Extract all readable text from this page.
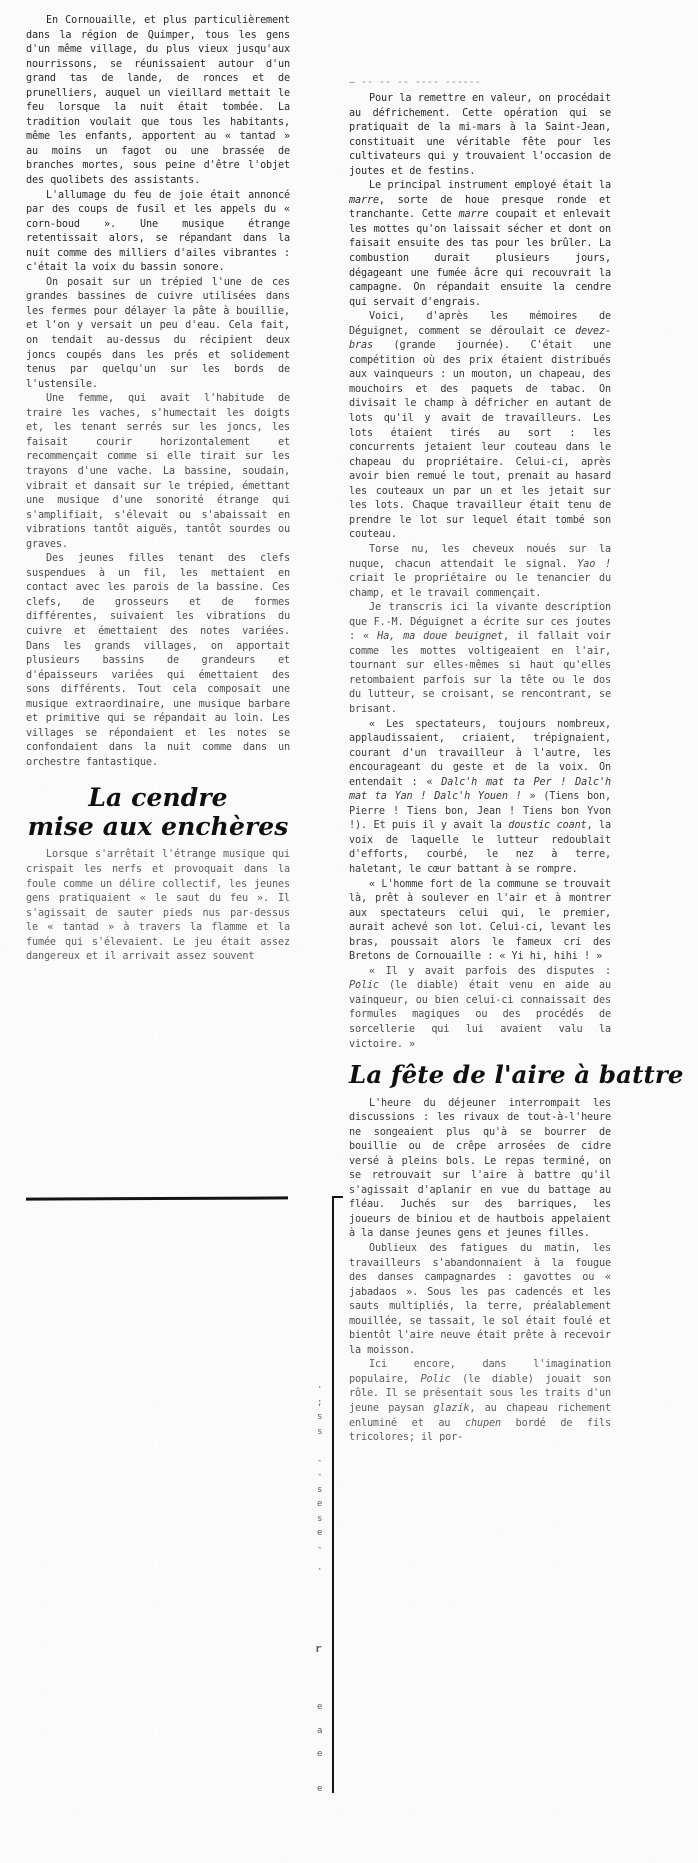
En Cornouaille, et plus particulièrement dans la région de Quimper, tous les gens d'un même village, du plus vieux jusqu'aux nourrissons, se réunissaient autour d'un grand tas de lande, de ronces et de prunelliers, auquel un vieillard mettait le feu lorsque la nuit était tombée. La tradition voulait que tous les habitants, même les enfants, apportent au « tantad » au moins un fagot ou une brassée de branches mortes, sous peine d'être l'objet des quolibets des assistants.

L'allumage du feu de joie était annoncé par des coups de fusil et les appels du « corn-boud ». Une musique étrange retentissait alors, se répandant dans la nuit comme des milliers d'ailes vibrantes : c'était la voix du bassin sonore.

On posait sur un trépied l'une de ces grandes bassines de cuivre utilisées dans les fermes pour délayer la pâte à bouillie, et l'on y versait un peu d'eau. Cela fait, on tendait au-dessus du récipient deux joncs coupés dans les prés et solidement tenus par quelqu'un sur les bords de l'ustensile.

Une femme, qui avait l'habitude de traire les vaches, s'humectait les doigts et, les tenant serrés sur les joncs, les faisait courir horizontalement et recommençait comme si elle tirait sur les trayons d'une vache. La bassine, soudain, vibrait et dansait sur le trépied, émettant une musique d'une sonorité étrange qui s'amplifiait, s'élevait ou s'abaissait en vibrations tantôt aiguës, tantôt sourdes ou graves.

Des jeunes filles tenant des clefs suspendues à un fil, les mettaient en contact avec les parois de la bassine. Ces clefs, de grosseurs et de formes différentes, suivaient les vibrations du cuivre et émettaient des notes variées. Dans les grands villages, on apportait plusieurs bassins de grandeurs et d'épaisseurs variées qui émettaient des sons différents. Tout cela composait une musique extraordinaire, une musique barbare et primitive qui se répandait au loin. Les villages se répondaient et les notes se confondaient dans la nuit comme dans un orchestre fantastique.

La cendre
mise aux enchères

Lorsque s'arrêtait l'étrange musique qui crispait les nerfs et provoquait dans la foule comme un délire collectif, les jeunes gens pratiquaient « le saut du feu ». Il s'agissait de sauter pieds nus par-dessus le « tantad » à travers la flamme et la fumée qui s'élevaient. Le jeu était assez dangereux et il arrivait assez souvent

— -- -- -- ---- ------

Pour la remettre en valeur, on procédait au défrichement. Cette opération qui se pratiquait de la mi-mars à la Saint-Jean, constituait une véritable fête pour les cultivateurs qui y trouvaient l'occasion de joutes et de festins.

Le principal instrument employé était la marre, sorte de houe presque ronde et tranchante. Cette marre coupait et enlevait les mottes qu'on laissait sécher et dont on faisait ensuite des tas pour les brûler. La combustion durait plusieurs jours, dégageant une fumée âcre qui recouvrait la campagne. On répandait ensuite la cendre qui servait d'engrais.

Voici, d'après les mémoires de Déguignet, comment se déroulait ce devez-bras (grande journée). C'était une compétition où des prix étaient distribués aux vainqueurs : un mouton, un chapeau, des mouchoirs et des paquets de tabac. On divisait le champ à défricher en autant de lots qu'il y avait de travailleurs. Les lots étaient tirés au sort : les concurrents jetaient leur couteau dans le chapeau du propriétaire. Celui-ci, après avoir bien remué le tout, prenait au hasard les couteaux un par un et les jetait sur les lots. Chaque travailleur était tenu de prendre le lot sur lequel était tombé son couteau.

Torse nu, les cheveux noués sur la nuque, chacun attendait le signal. Yao ! criait le propriétaire ou le tenancier du champ, et le travail commençait.

Je transcris ici la vivante description que F.-M. Déguignet a écrite sur ces joutes : « Ha, ma doue beuignet, il fallait voir comme les mottes voltigeaient en l'air, tournant sur elles-mêmes si haut qu'elles retombaient parfois sur la tête ou le dos du lutteur, se croisant, se rencontrant, se brisant.

« Les spectateurs, toujours nombreux, applaudissaient, criaient, trépignaient, courant d'un travailleur à l'autre, les encourageant du geste et de la voix. On entendait : « Dalc'h mat ta Per ! Dalc'h mat ta Yan ! Dalc'h Youen ! » (Tiens bon, Pierre ! Tiens bon, Jean ! Tiens bon Yvon !). Et puis il y avait la doustic coant, la voix de laquelle le lutteur redoublait d'efforts, courbé, le nez à terre, haletant, le cœur battant à se rompre.

« L'homme fort de la commune se trouvait là, prêt à soulever en l'air et à montrer aux spectateurs celui qui, le premier, aurait achevé son lot. Celui-ci, levant les bras, poussait alors le fameux cri des Bretons de Cornouaille : « Yi hi, hihi ! »

« Il y avait parfois des disputes : Polic (le diable) était venu en aide au vainqueur, ou bien celui-ci connaissait des formules magiques ou des procédés de sorcellerie qui lui avaient valu la victoire. »

La fête de l'aire à battre

L'heure du déjeuner interrompait les discussions : les rivaux de tout-à-l'heure ne songeaient plus qu'à se bourrer de bouillie ou de crêpe arrosées de cidre versé à pleins bols. Le repas terminé, on se retrouvait sur l'aire à battre qu'il s'agissait d'aplanir en vue du battage au fléau. Juchés sur des barriques, les joueurs de biniou et de hautbois appelaient à la danse jeunes gens et jeunes filles.

Oublieux des fatigues du matin, les travailleurs s'abandonnaient à la fougue des danses campagnardes : gavottes ou « jabadaos ». Sous les pas cadencés et les sauts multipliés, la terre, préalablement mouillée, se tassait, le sol était foulé et bientôt l'aire neuve était prête à recevoir la moisson.

Ici encore, dans l'imagination populaire, Polic (le diable) jouait son rôle. Il se présentait sous les traits d'un jeune paysan glazik, au chapeau richement enluminé et au chupen bordé de fils tricolores; il por-

·
;
s
s
-
-
s
e
s
e
-
·
r
e
a
e
e
